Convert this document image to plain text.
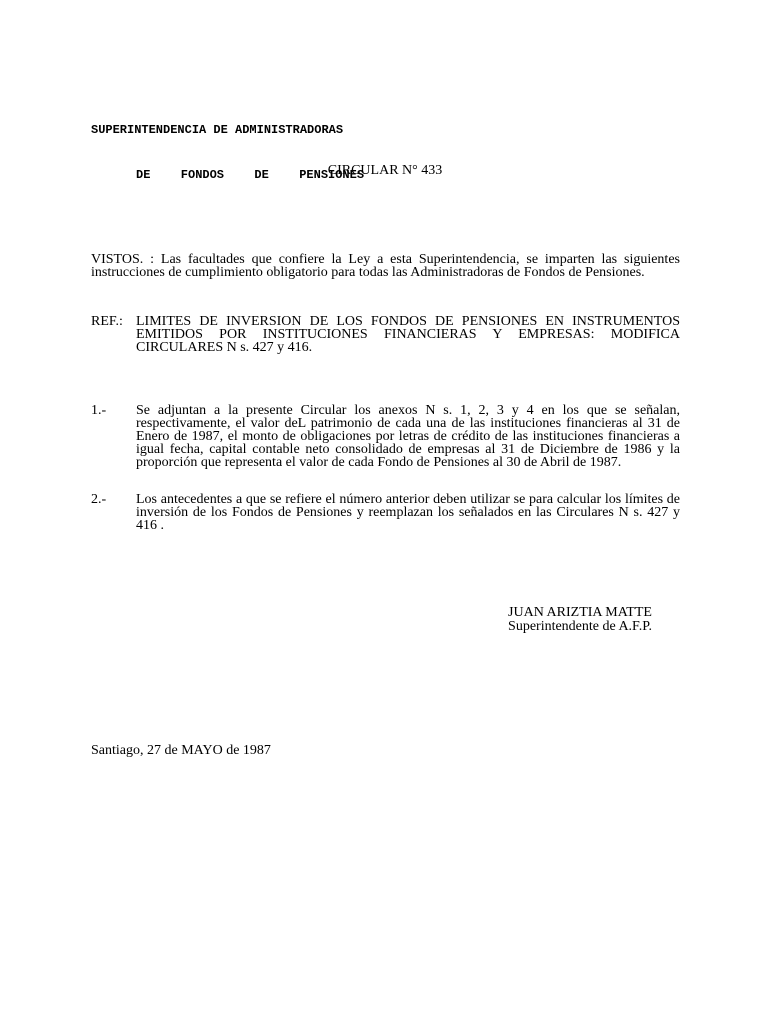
SUPERINTENDENCIA DE ADMINISTRADORAS

DE  FONDOS  DE  PENSIONES

CIRCULAR N° 433
VISTOS. : Las facultades que confiere la Ley a esta Superintendencia, se imparten las siguientes instrucciones de cumplimiento obligatorio para todas las Administradoras de Fondos de Pensiones.
REF.: LIMITES DE INVERSION DE LOS FONDOS DE PENSIONES EN INSTRUMENTOS EMITIDOS POR INSTITUCIONES FINANCIERAS Y EMPRESAS: MODIFICA CIRCULARES N s. 427 y 416.
1.-	Se adjuntan a la presente Circular los anexos N s. 1, 2, 3 y 4 en los que se señalan, respectivamente, el valor deL patrimonio de cada una de las instituciones financieras al 31 de Enero de 1987, el monto de obligaciones por letras de crédito de las instituciones financieras a igual fecha, capital contable neto consolidado de empresas al 31 de Diciembre de 1986 y la proporción que representa el valor de cada Fondo de Pensiones al 30 de Abril de 1987.
2.-	Los antecedentes a que se refiere el número anterior deben utilizar se para calcular los límites de inversión de los Fondos de Pensiones y reemplazan los señalados en las Circulares N s. 427 y 416 .
JUAN ARIZTIA MATTE
Superintendente de A.F.P.
Santiago, 27 de MAYO de 1987
